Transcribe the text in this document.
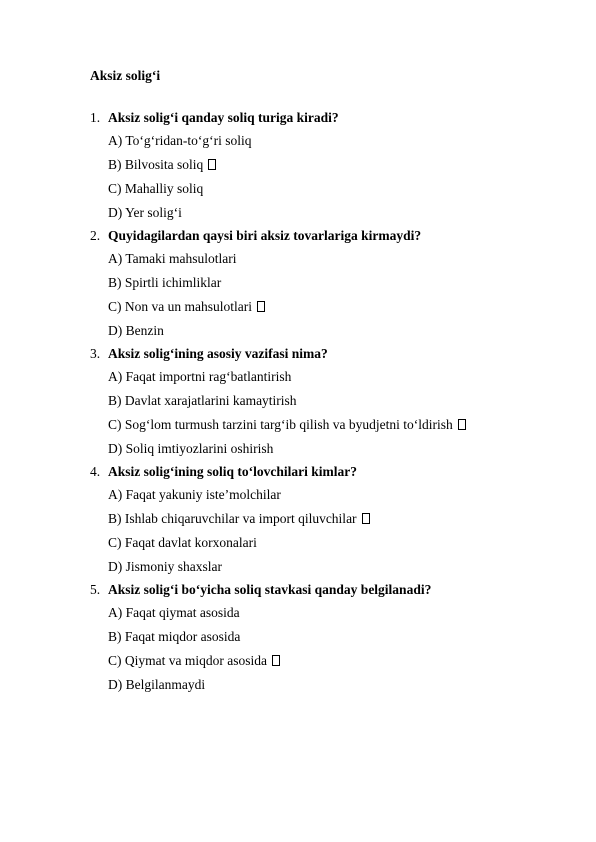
Aksiz solig‘i
1. Aksiz solig‘i qanday soliq turiga kiradi?
A) To‘g‘ridan-to‘g‘ri soliq
B) Bilvosita soliq
C) Mahalliy soliq
D) Yer solig‘i
2. Quyidagilardan qaysi biri aksiz tovarlariga kirmaydi?
A) Tamaki mahsulotlari
B) Spirtli ichimliklar
C) Non va un mahsulotlari
D) Benzin
3. Aksiz solig‘ining asosiy vazifasi nima?
A) Faqat importni rag‘batlantirish
B) Davlat xarajatlarini kamaytirish
C) Sog‘lom turmush tarzini targ‘ib qilish va byudjetni to‘ldirish
D) Soliq imtiyozlarini oshirish
4. Aksiz solig‘ining soliq to‘lovchilari kimlar?
A) Faqat yakuniy iste’molchilar
B) Ishlab chiqaruvchilar va import qiluvchilar
C) Faqat davlat korxonalari
D) Jismoniy shaxslar
5. Aksiz solig‘i bo‘yicha soliq stavkasi qanday belgilanadi?
A) Faqat qiymat asosida
B) Faqat miqdor asosida
C) Qiymat va miqdor asosida
D) Belgilanmaydi
